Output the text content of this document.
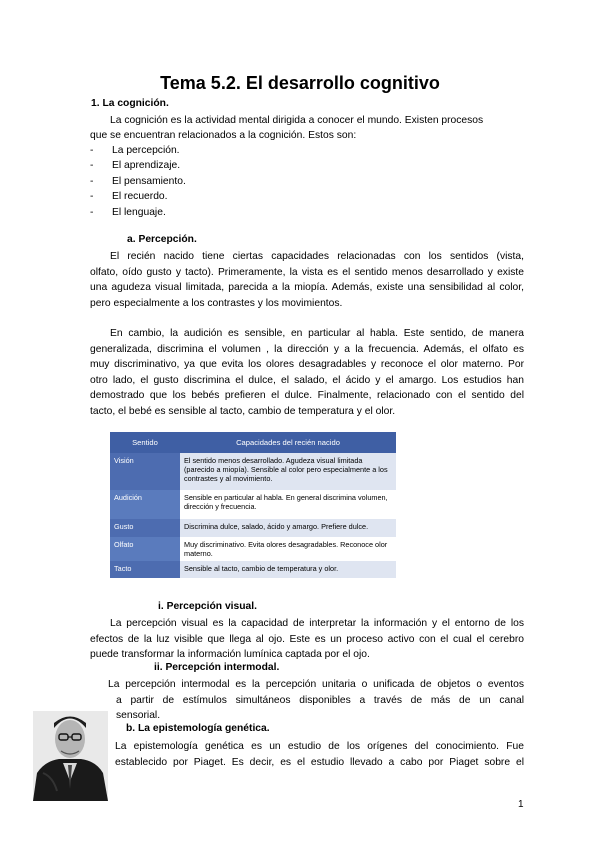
Tema 5.2. El desarrollo cognitivo
1. La cognición.
La cognición es la actividad mental dirigida a conocer el mundo. Existen procesos
que se encuentran relacionados a la cognición. Estos son:
- La percepción.
- El aprendizaje.
- El pensamiento.
- El recuerdo.
- El lenguaje.
a. Percepción.
El recién nacido tiene ciertas capacidades relacionadas con los sentidos (vista,
olfato, oído gusto y tacto). Primeramente, la vista es el sentido menos desarrollado y existe
una agudeza visual limitada, parecida a la miopía. Además, existe una sensibilidad al color,
pero especialmente a los contrastes y los movimientos.
En cambio, la audición es sensible, en particular al habla. Este sentido, de manera
generalizada, discrimina el volumen , la dirección y a la frecuencia. Además, el olfato es
muy discriminativo, ya que evita los olores desagradables y reconoce el olor materno. Por
otro lado, el gusto discrimina el dulce, el salado, el ácido y el amargo. Los estudios han
demostrado que los bebés prefieren el dulce. Finalmente, relacionado con el sentido del
tacto, el bebé es sensible al tacto, cambio de temperatura y el olor.
Sentido	Capacidades del recién nacido
Visión	El sentido menos desarrollado. Agudeza visual limitada (parecido a miopía). Sensible al color pero especialmente a los contrastes y al movimiento.
Audición	Sensible en particular al habla. En general discrimina volumen, dirección y frecuencia.
Gusto	Discrimina dulce, salado, ácido y amargo. Prefiere dulce.
Olfato	Muy discriminativo. Evita olores desagradables. Reconoce olor materno.
Tacto	Sensible al tacto, cambio de temperatura y olor.
i. Percepción visual.
La percepción visual es la capacidad de interpretar la información y el entorno de los
efectos de la luz visible que llega al ojo. Este es un proceso activo con el cual el cerebro
puede transformar la información lumínica captada por el ojo.
ii. Percepción intermodal.
La percepción intermodal es la percepción unitaria o unificada de objetos o eventos
a partir de estímulos simultáneos disponibles a través de más de un canal
sensorial.
b. La epistemología genética.
La epistemología genética es un estudio de los orígenes del conocimiento. Fue
establecido por Piaget. Es decir, es el estudio llevado a cabo por Piaget sobre el
1
